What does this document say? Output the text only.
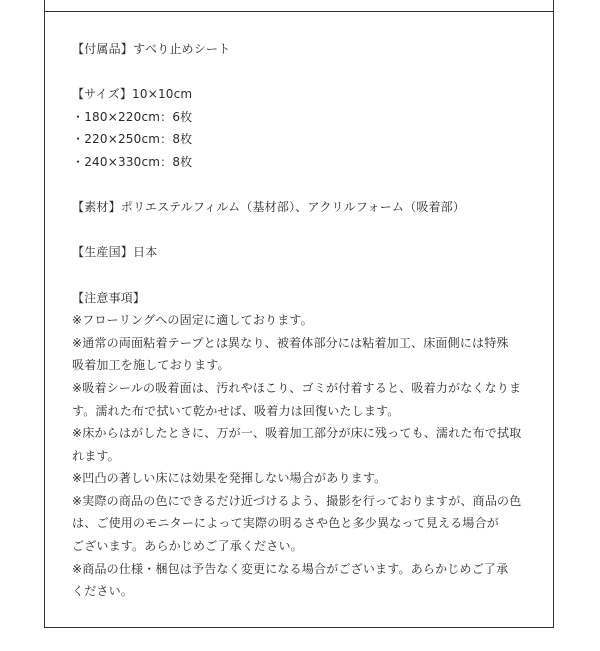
【付属品】すべり止めシート
【サイズ】10×10cm
・180×220cm：6枚
・220×250cm：8枚
・240×330cm：8枚
【素材】ポリエステルフィルム（基材部）、アクリルフォーム（吸着部）
【生産国】日本
【注意事項】
※フローリングへの固定に適しております。
※通常の両面粘着テープとは異なり、被着体部分には粘着加工、床面側には特殊
吸着加工を施しております。
※吸着シールの吸着面は、汚れやほこり、ゴミが付着すると、吸着力がなくなりま
す。濡れた布で拭いて乾かせば、吸着力は回復いたします。
※床からはがしたときに、万が一、吸着加工部分が床に残っても、濡れた布で拭取
れます。
※凹凸の著しい床には効果を発揮しない場合があります。
※実際の商品の色にできるだけ近づけるよう、撮影を行っておりますが、商品の色
は、ご使用のモニターによって実際の明るさや色と多少異なって見える場合が
ございます。あらかじめご了承ください。
※商品の仕様・梱包は予告なく変更になる場合がございます。あらかじめご了承
ください。
